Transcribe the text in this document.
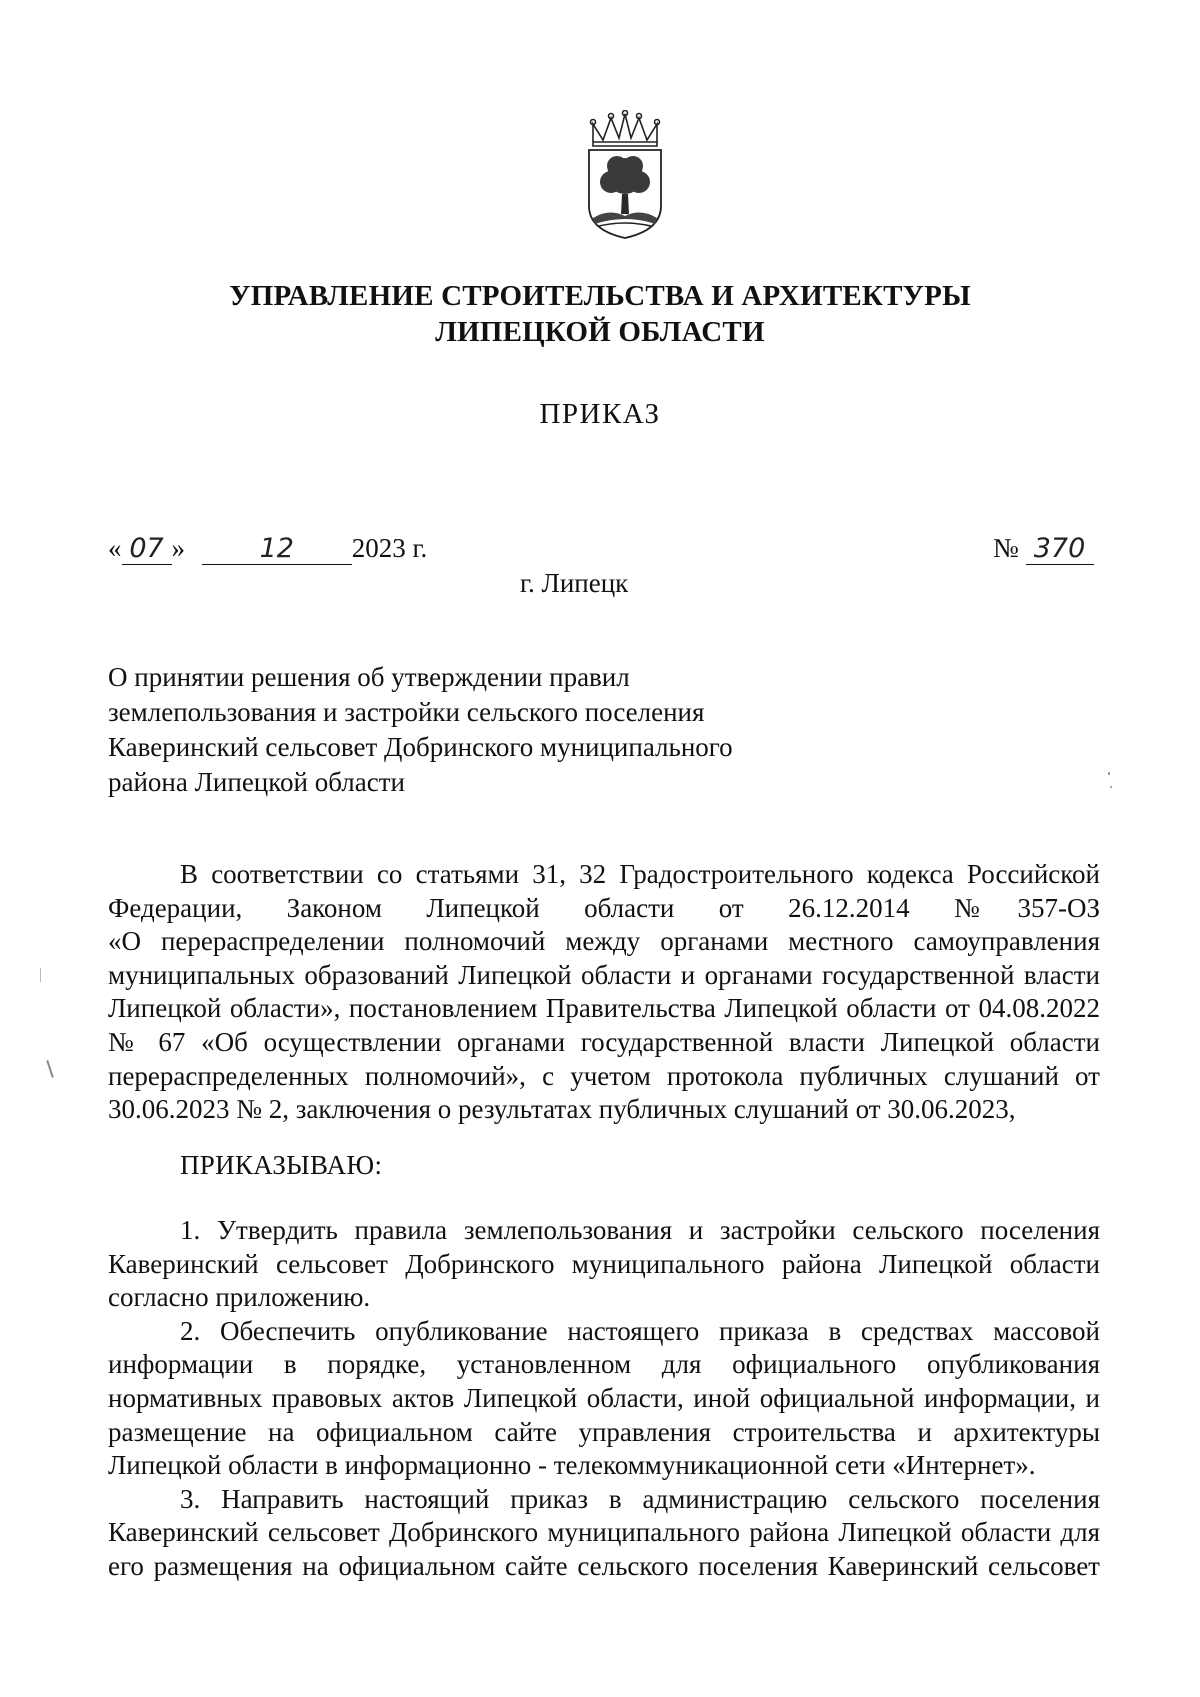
УПРАВЛЕНИЕ СТРОИТЕЛЬСТВА И АРХИТЕКТУРЫ
ЛИПЕЦКОЙ ОБЛАСТИ
ПРИКАЗ
« 07 »	12 2023 г.	№ 370
г. Липецк
О принятии решения об утверждении правил
землепользования и застройки сельского поселения
Каверинский сельсовет Добринского муниципального
района Липецкой области
В соответствии со статьями 31, 32 Градостроительного кодекса Российской
Федерации, Законом Липецкой области от 26.12.2014 №357-ОЗ
«О перераспределении полномочий между органами местного самоуправления
муниципальных образований Липецкой области и органами государственной власти
Липецкой области», постановлением Правительства Липецкой области от 04.08.2022
№ 67 «Об осуществлении органами государственной власти Липецкой области
перераспределенных полномочий», с учетом протокола публичных слушаний от
30.06.2023 № 2, заключения о результатах публичных слушаний от 30.06.2023,
ПРИКАЗЫВАЮ:
1. Утвердить правила землепользования и застройки сельского поселения
Каверинский сельсовет Добринского муниципального района Липецкой области
согласно приложению.
2. Обеспечить опубликование настоящего приказа в средствах массовой
информации в порядке, установленном для официального опубликования
нормативных правовых актов Липецкой области, иной официальной информации, и
размещение на официальном сайте управления строительства и архитектуры
Липецкой области в информационно - телекоммуникационной сети «Интернет».
3. Направить настоящий приказ в администрацию сельского поселения
Каверинский сельсовет Добринского муниципального района Липецкой области для
его размещения на официальном сайте сельского поселения Каверинский сельсовет
